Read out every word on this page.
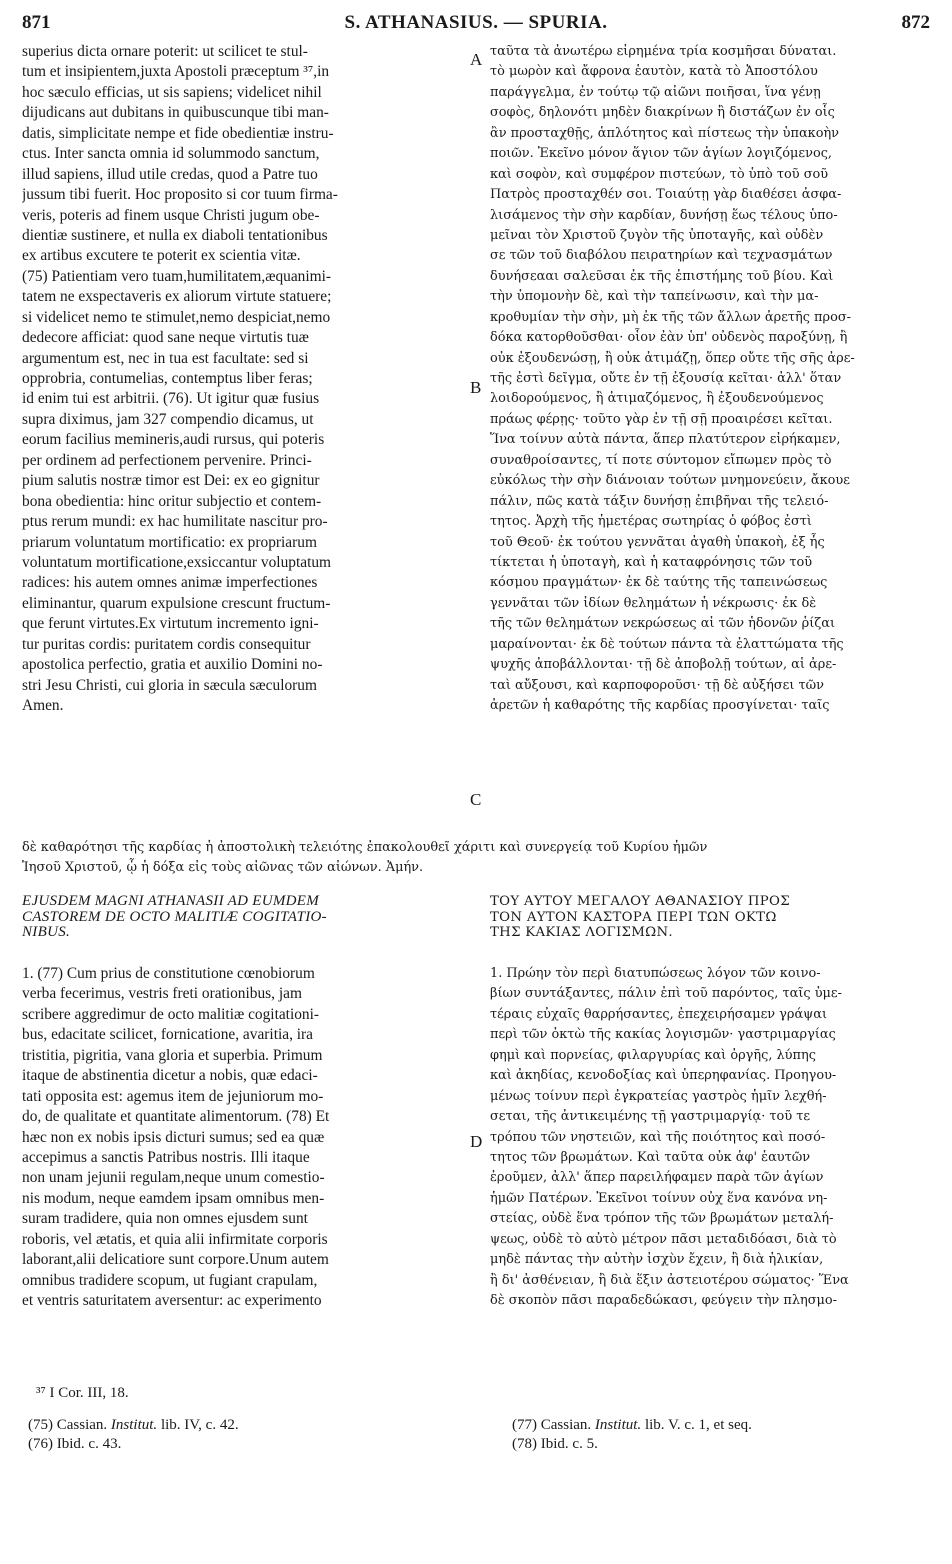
871	S. ATHANASIUS. — SPURIA.	872
superius dicta ornare poterit: ut scilicet te stul-
tum et insipientem,juxta Apostoli præceptum ³⁷,in
hoc sæculo efficias, ut sis sapiens; videlicet nihil
dijudicans aut dubitans in quibuscunque tibi man-
datis, simplicitate nempe et fide obedientiæ instru-
ctus. Inter sancta omnia id solummodo sanctum,
illud sapiens, illud utile credas, quod a Patre tuo
jussum tibi fuerit. Hoc proposito si cor tuum firma-
veris, poteris ad finem usque Christi jugum obe-
dientiæ sustinere, et nulla ex diaboli tentationibus
ex artibus excutere te poterit ex scientia vitæ.
(75) Patientiam vero tuam,humilitatem,æquanimi-
tatem ne exspectaveris ex aliorum virtute statuere;
si videlicet nemo te stimulet,nemo despiciat,nemo
dedecore afficiat: quod sane neque virtutis tuæ
argumentum est, nec in tua est facultate: sed si
opprobria, contumelias, contemptus liber feras;
id enim tui est arbitrii. (76). Ut igitur quæ fusius
supra diximus, jam 327 compendio dicamus, ut
eorum facilius memineris,audi rursus, qui poteris
per ordinem ad perfectionem pervenire. Princi-
pium salutis nostræ timor est Dei: ex eo gignitur
bona obedientia: hinc oritur subjectio et contem-
ptus rerum mundi: ex hac humilitate nascitur pro-
priarum voluntatum mortificatio: ex propriarum
voluntatum mortificatione,exsiccantur voluptatum
radices: his autem omnes animæ imperfectiones
eliminantur, quarum expulsione crescunt fructum-
que ferunt virtutes.Ex virtutum incremento igni-
tur puritas cordis: puritatem cordis consequitur
apostolica perfectio, gratia et auxilio Domini no-
stri Jesu Christi, cui gloria in sæcula sæculorum
Amen.
ταῦτα τὰ ἀνωτέρω εἰρημένα τρία κοσμῆσαι δύναται.
τὸ μωρὸν καὶ ἄφρονα ἑαυτὸν, κατὰ τὸ Ἀποστόλου
παράγγελμα, ἐν τούτῳ τῷ αἰῶνι ποιῆσαι, ἵνα γένῃ
σοφὸς, δηλονότι μηδὲν διακρίνων ἢ διστάζων ἐν οἷς
ἂν προσταχθῇς, ἁπλότητος καὶ πίστεως τὴν ὑπακοὴν
ποιῶν. Ἐκεῖνο μόνον ἅγιον τῶν ἁγίων λογιζόμενος,
καὶ σοφὸν, καὶ συμφέρον πιστεύων, τὸ ὑπὸ τοῦ σοῦ
Πατρὸς προσταχθέν σοι. Τοιαύτῃ γὰρ διαθέσει ἀσφα-
λισάμενος τὴν σὴν καρδίαν, δυνήσῃ ἕως τέλους ὑπο-
μεῖναι τὸν Χριστοῦ ζυγὸν τῆς ὑποταγῆς, καὶ οὐδὲν
σε τῶν τοῦ διαβόλου πειρατηρίων καὶ τεχνασμάτων
δυνήσεααι σαλεῦσαι ἐκ τῆς ἐπιστήμης τοῦ βίου. Καὶ
τὴν ὑπομονὴν δὲ, καὶ τὴν ταπείνωσιν, καὶ τὴν μα-
κροθυμίαν τὴν σὴν, μὴ ἐκ τῆς τῶν ἄλλων ἀρετῆς προσ-
δόκα κατορθοῦσθαι· οἷον ἐὰν ὑπ' οὐδενὸς παροξύνῃ, ἢ
οὐκ ἐξουδενώσῃ, ἢ οὐκ ἀτιμάζῃ, ὅπερ οὔτε τῆς σῆς ἀρε-
τῆς ἐστὶ δεῖγμα, οὔτε ἐν τῇ ἐξουσίᾳ κεῖται· ἀλλ' ὅταν
λοιδορούμενος, ἢ ἀτιμαζόμενος, ἢ ἐξουδενούμενος
πράως φέρῃς· τοῦτο γὰρ ἐν τῇ σῇ προαιρέσει κεῖται.
Ἵνα τοίνυν αὐτὰ πάντα, ἅπερ πλατύτερον εἰρήκαμεν,
συναθροίσαντες, τί ποτε σύντομον εἴπωμεν πρὸς τὸ
εὐκόλως τὴν σὴν διάνοιαν τούτων μνημονεύειν, ἄκουε
πάλιν, πῶς κατὰ τάξιν δυνήσῃ ἐπιβῆναι τῆς τελειό-
τητος. Ἀρχὴ τῆς ἡμετέρας σωτηρίας ὁ φόβος ἐστὶ
τοῦ Θεοῦ· ἐκ τούτου γεννᾶται ἀγαθὴ ὑπακοὴ, ἐξ ἧς
τίκτεται ἡ ὑποταγὴ, καὶ ἡ καταφρόνησις τῶν τοῦ
κόσμου πραγμάτων· ἐκ δὲ ταύτης τῆς ταπεινώσεως
γεννᾶται τῶν ἰδίων θελημάτων ἡ νέκρωσις· ἐκ δὲ
τῆς τῶν θελημάτων νεκρώσεως αἱ τῶν ἡδονῶν ῥίζαι
μαραίνονται· ἐκ δὲ τούτων πάντα τὰ ἐλαττώματα τῆς
ψυχῆς ἀποβάλλονται· τῇ δὲ ἀποβολῇ τούτων, αἱ ἀρε-
ταὶ αὔξουσι, καὶ καρποφοροῦσι· τῇ δὲ αὐξήσει τῶν
ἀρετῶν ἡ καθαρότης τῆς καρδίας προσγίνεται· ταῖς
A
B
C
D
δὲ καθαρότησι τῆς καρδίας ἡ ἀποστολικὴ τελειότης ἐπακολουθεῖ χάριτι καὶ συνεργείᾳ τοῦ Κυρίου ἡμῶν
Ἰησοῦ Χριστοῦ, ᾧ ἡ δόξα εἰς τοὺς αἰῶνας τῶν αἰώνων. Ἀμήν.
EJUSDEM MAGNI ATHANASII AD EUMDEM
CASTOREM DE OCTO MALITIÆ COGITATIO-
NIBUS.
ΤΟΥ ΑΥΤΟΥ ΜΕΓΑΛΟΥ ΑΘΑΝΑΣΙΟΥ ΠΡΟΣ
ΤΟΝ ΑΥΤΟΝ ΚΑΣΤΟΡΑ ΠΕΡΙ ΤΩΝ ΟΚΤΩ
ΤΗΣ ΚΑΚΙΑΣ ΛΟΓΙΣΜΩΝ.
1. (77) Cum prius de constitutione cœnobiorum
verba fecerimus, vestris freti orationibus, jam
scribere aggredimur de octo malitiæ cogitationi-
bus, edacitate scilicet, fornicatione, avaritia, ira
tristitia, pigritia, vana gloria et superbia. Primum
itaque de abstinentia dicetur a nobis, quæ edaci-
tati opposita est: agemus item de jejuniorum mo-
do, de qualitate et quantitate alimentorum. (78) Et
hæc non ex nobis ipsis dicturi sumus; sed ea quæ
accepimus a sanctis Patribus nostris. Illi itaque
non unam jejunii regulam,neque unum comestio-
nis modum, neque eamdem ipsam omnibus men-
suram tradidere, quia non omnes ejusdem sunt
roboris, vel ætatis, et quia alii infirmitate corporis
laborant,alii delicatiore sunt corpore.Unum autem
omnibus tradidere scopum, ut fugiant crapulam,
et ventris saturitatem aversentur: ac experimento
1. Πρώην τὸν περὶ διατυπώσεως λόγον τῶν κοινο-
βίων συντάξαντες, πάλιν ἐπὶ τοῦ παρόντος, ταῖς ὑμε-
τέραις εὐχαῖς θαρρήσαντες, ἐπεχειρήσαμεν γράψαι
περὶ τῶν ὀκτὼ τῆς κακίας λογισμῶν· γαστριμαργίας
φημὶ καὶ πορνείας, φιλαργυρίας καὶ ὀργῆς, λύπης
καὶ ἀκηδίας, κενοδοξίας καὶ ὑπερηφανίας. Προηγου-
μένως τοίνυν περὶ ἐγκρατείας γαστρὸς ἡμῖν λεχθή-
σεται, τῆς ἀντικειμένης τῇ γαστριμαργίᾳ· τοῦ τε
τρόπου τῶν νηστειῶν, καὶ τῆς ποιότητος καὶ ποσό-
τητος τῶν βρωμάτων. Καὶ ταῦτα οὐκ ἀφ' ἑαυτῶν
ἐροῦμεν, ἀλλ' ἅπερ παρειλήφαμεν παρὰ τῶν ἁγίων
ἡμῶν Πατέρων. Ἐκεῖνοι τοίνυν οὐχ ἕνα κανόνα νη-
στείας, οὐδὲ ἕνα τρόπον τῆς τῶν βρωμάτων μεταλή-
ψεως, οὐδὲ τὸ αὐτὸ μέτρον πᾶσι μεταδιδόασι, διὰ τὸ
μηδὲ πάντας τὴν αὐτὴν ἰσχὺν ἔχειν, ἢ διὰ ἡλικίαν,
ἢ δι' ἀσθένειαν, ἢ διὰ ἕξιν ἀστειοτέρου σώματος· Ἕνα
δὲ σκοπὸν πᾶσι παραδεδώκασι, φεύγειν τὴν πλησμο-
³⁷ I Cor. III, 18.
(75) Cassian. Institut. lib. IV, c. 42.
(76) Ibid. c. 43.
(77) Cassian. Institut. lib. V. c. 1, et seq.
(78) Ibid. c. 5.
